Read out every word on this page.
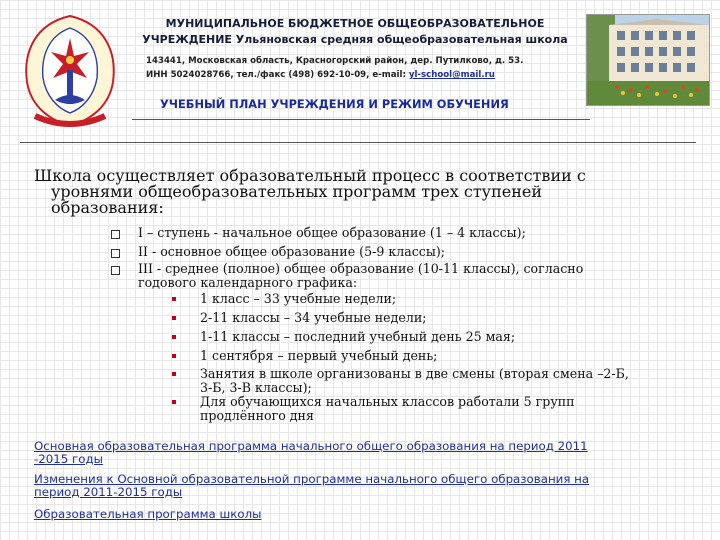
МУНИЦИПАЛЬНОЕ БЮДЖЕТНОЕ ОБЩЕОБРАЗОВАТЕЛЬНОЕ
УЧРЕЖДЕНИЕ Ульяновская средняя общеобразовательная школа
143441, Московская область, Красногорский район, дер. Путилково, д. 53.
ИНН 5024028766, тел./факс (498) 692-10-09, e-mail: yl-school@mail.ru
УЧЕБНЫЙ ПЛАН УЧРЕЖДЕНИЯ И РЕЖИМ ОБУЧЕНИЯ
Школа осуществляет образовательный процесс в соответствии с
уровнями общеобразовательных программ трех ступеней
образования:
I – ступень - начальное общее образование (1 – 4 классы);
II - основное общее образование (5-9 классы);
III - среднее (полное) общее образование (10-11 классы), согласно
годового календарного графика:
1 класс – 33 учебные недели;
2-11 классы – 34 учебные недели;
1-11 классы – последний учебный день 25 мая;
1 сентября – первый учебный день;
Занятия в школе организованы в две смены (вторая смена –2-Б,
3-Б, 3-В классы);
Для обучающихся начальных классов работали 5 групп
продлённого дня
Основная образовательная программа начального общего образования на период 2011
-2015 годы
Изменения к Основной образовательной программе начального общего образования на
период 2011-2015 годы
Образовательная программа школы
